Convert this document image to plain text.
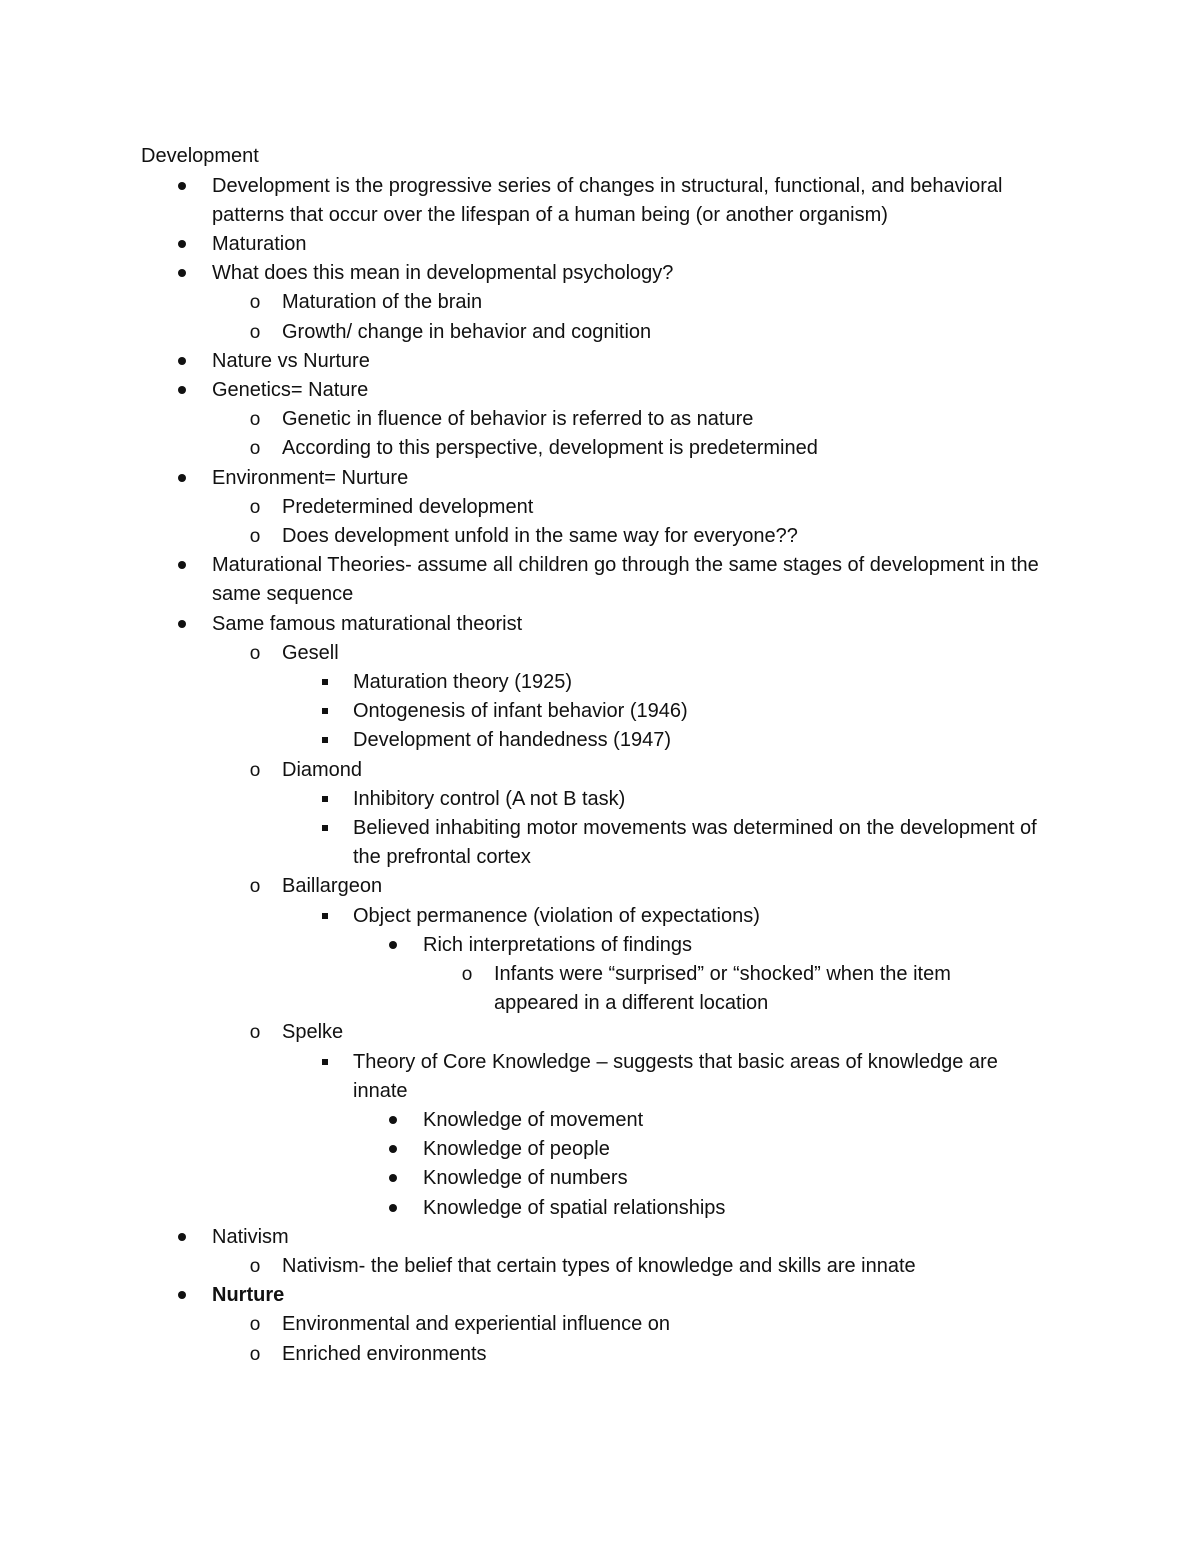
Development
Development is the progressive series of changes in structural, functional, and behavioral patterns that occur over the lifespan of a human being (or another organism)
Maturation
What does this mean in developmental psychology?
o Maturation of the brain
o Growth/ change in behavior and cognition
Nature vs Nurture
Genetics= Nature
o Genetic in fluence of behavior is referred to as nature
o According to this perspective, development is predetermined
Environment= Nurture
o Predetermined development
o Does development unfold in the same way for everyone??
Maturational Theories- assume all children go through the same stages of development in the same sequence
Same famous maturational theorist
o Gesell
Maturation theory (1925)
Ontogenesis of infant behavior (1946)
Development of handedness (1947)
o Diamond
Inhibitory control (A not B task)
Believed inhabiting motor movements was determined on the development of the prefrontal cortex
o Baillargeon
Object permanence (violation of expectations)
Rich interpretations of findings
o Infants were “surprised” or “shocked” when the item appeared in a different location
o Spelke
Theory of Core Knowledge – suggests that basic areas of knowledge are innate
Knowledge of movement
Knowledge of people
Knowledge of numbers
Knowledge of spatial relationships
Nativism
o Nativism- the belief that certain types of knowledge and skills are innate
Nurture
o Environmental and experiential influence on
o Enriched environments
